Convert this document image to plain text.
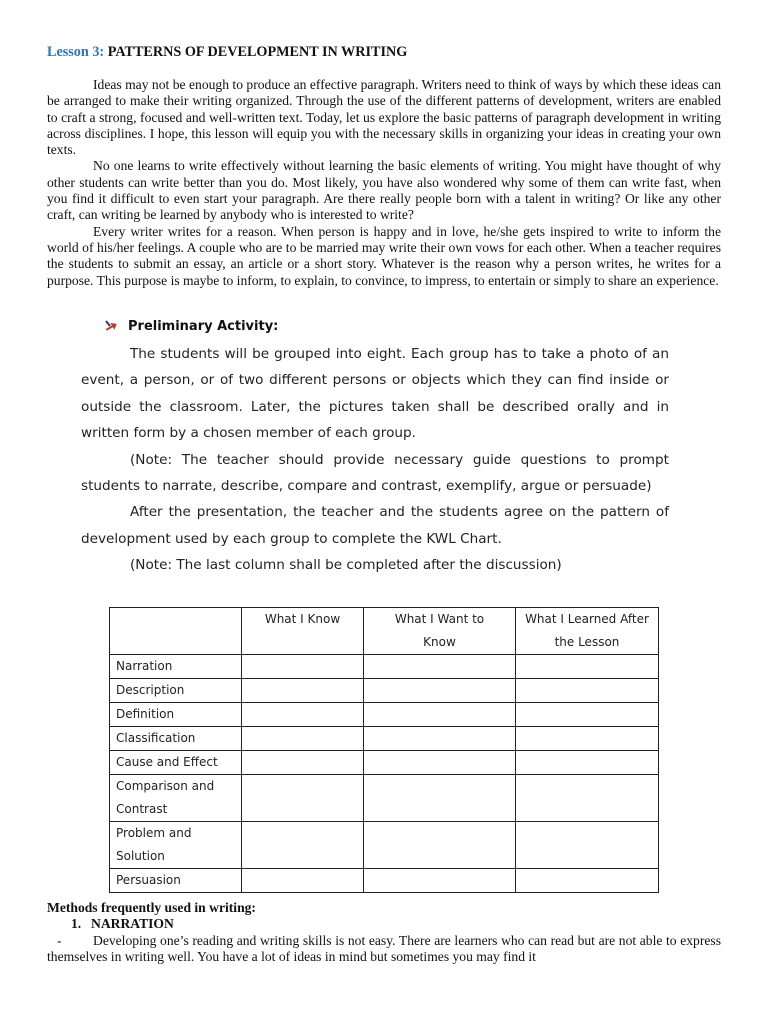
Lesson 3: PATTERNS OF DEVELOPMENT IN WRITING

Ideas may not be enough to produce an effective paragraph. Writers need to think of ways by which these ideas can be arranged to make their writing organized. Through the use of the different patterns of development, writers are enabled to craft a strong, focused and well-written text. Today, let us explore the basic patterns of paragraph development in writing across disciplines. I hope, this lesson will equip you with the necessary skills in organizing your ideas in creating your own texts.

No one learns to write effectively without learning the basic elements of writing. You might have thought of why other students can write better than you do. Most likely, you have also wondered why some of them can write fast, when you find it difficult to even start your paragraph. Are there really people born with a talent in writing? Or like any other craft, can writing be learned by anybody who is interested to write?

Every writer writes for a reason. When person is happy and in love, he/she gets inspired to write to inform the world of his/her feelings. A couple who are to be married may write their own vows for each other. When a teacher requires the students to submit an essay, an article or a short story. Whatever is the reason why a person writes, he writes for a purpose. This purpose is maybe to inform, to explain, to convince, to impress, to entertain or simply to share an experience.

Preliminary Activity:

The students will be grouped into eight. Each group has to take a photo of an event, a person, or of two different persons or objects which they can find inside or outside the classroom. Later, the pictures taken shall be described orally and in written form by a chosen member of each group.

(Note: The teacher should provide necessary guide questions to prompt students to narrate, describe, compare and contrast, exemplify, argue or persuade)

After the presentation, the teacher and the students agree on the pattern of development used by each group to complete the KWL Chart.

(Note: The last column shall be completed after the discussion)

	What I Know	What I Want to Know	What I Learned After the Lesson
Narration			
Description			
Definition			
Classification			
Cause and Effect			
Comparison and Contrast			
Problem and Solution			
Persuasion			
Methods frequently used in writing:
1. NARRATION
- Developing one’s reading and writing skills is not easy. There are learners who can read but are not able to express themselves in writing well. You have a lot of ideas in mind but sometimes you may find it
